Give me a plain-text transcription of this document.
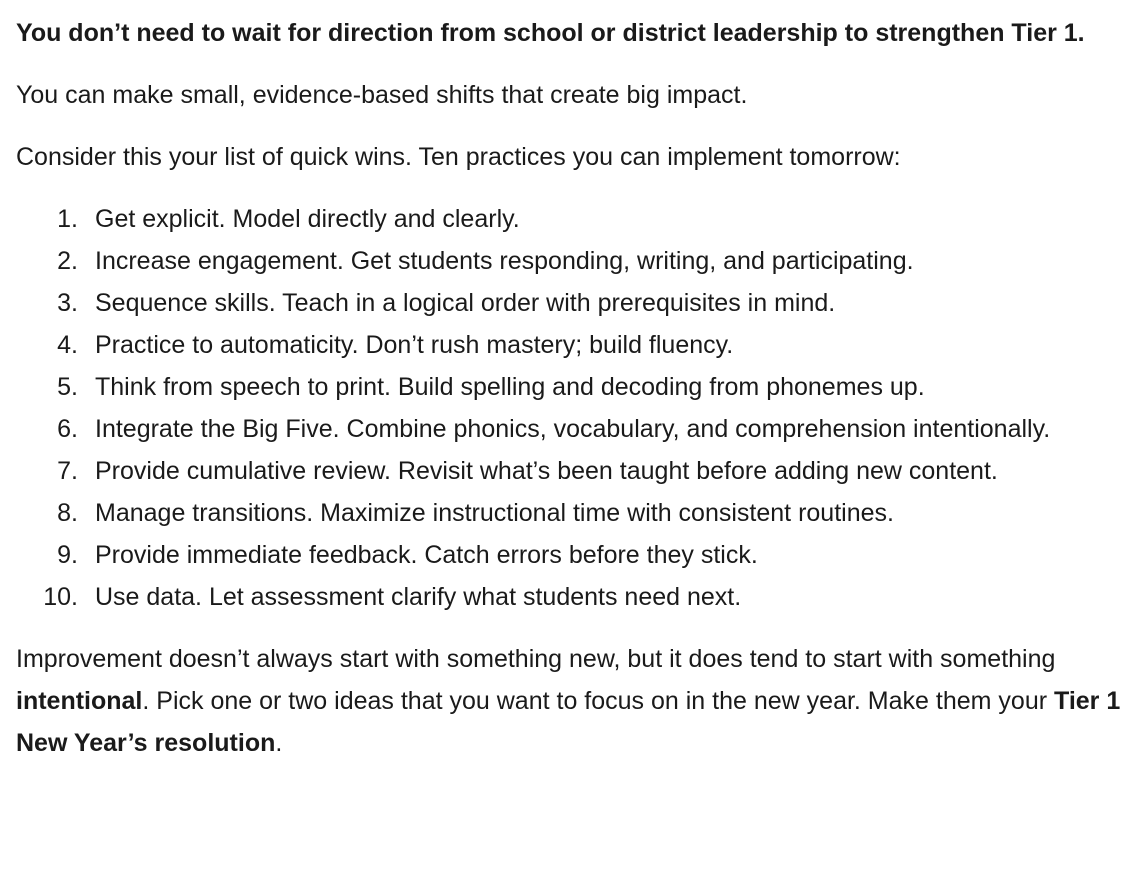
You don’t need to wait for direction from school or district leadership to strengthen Tier 1.

You can make small, evidence-based shifts that create big impact.

Consider this your list of quick wins. Ten practices you can implement tomorrow:

1. Get explicit. Model directly and clearly.
2. Increase engagement. Get students responding, writing, and participating.
3. Sequence skills. Teach in a logical order with prerequisites in mind.
4. Practice to automaticity. Don’t rush mastery; build fluency.
5. Think from speech to print. Build spelling and decoding from phonemes up.
6. Integrate the Big Five. Combine phonics, vocabulary, and comprehension intentionally.
7. Provide cumulative review. Revisit what’s been taught before adding new content.
8. Manage transitions. Maximize instructional time with consistent routines.
9. Provide immediate feedback. Catch errors before they stick.
10. Use data. Let assessment clarify what students need next.

Improvement doesn’t always start with something new, but it does tend to start with something intentional. Pick one or two ideas that you want to focus on in the new year. Make them your Tier 1 New Year’s resolution.
